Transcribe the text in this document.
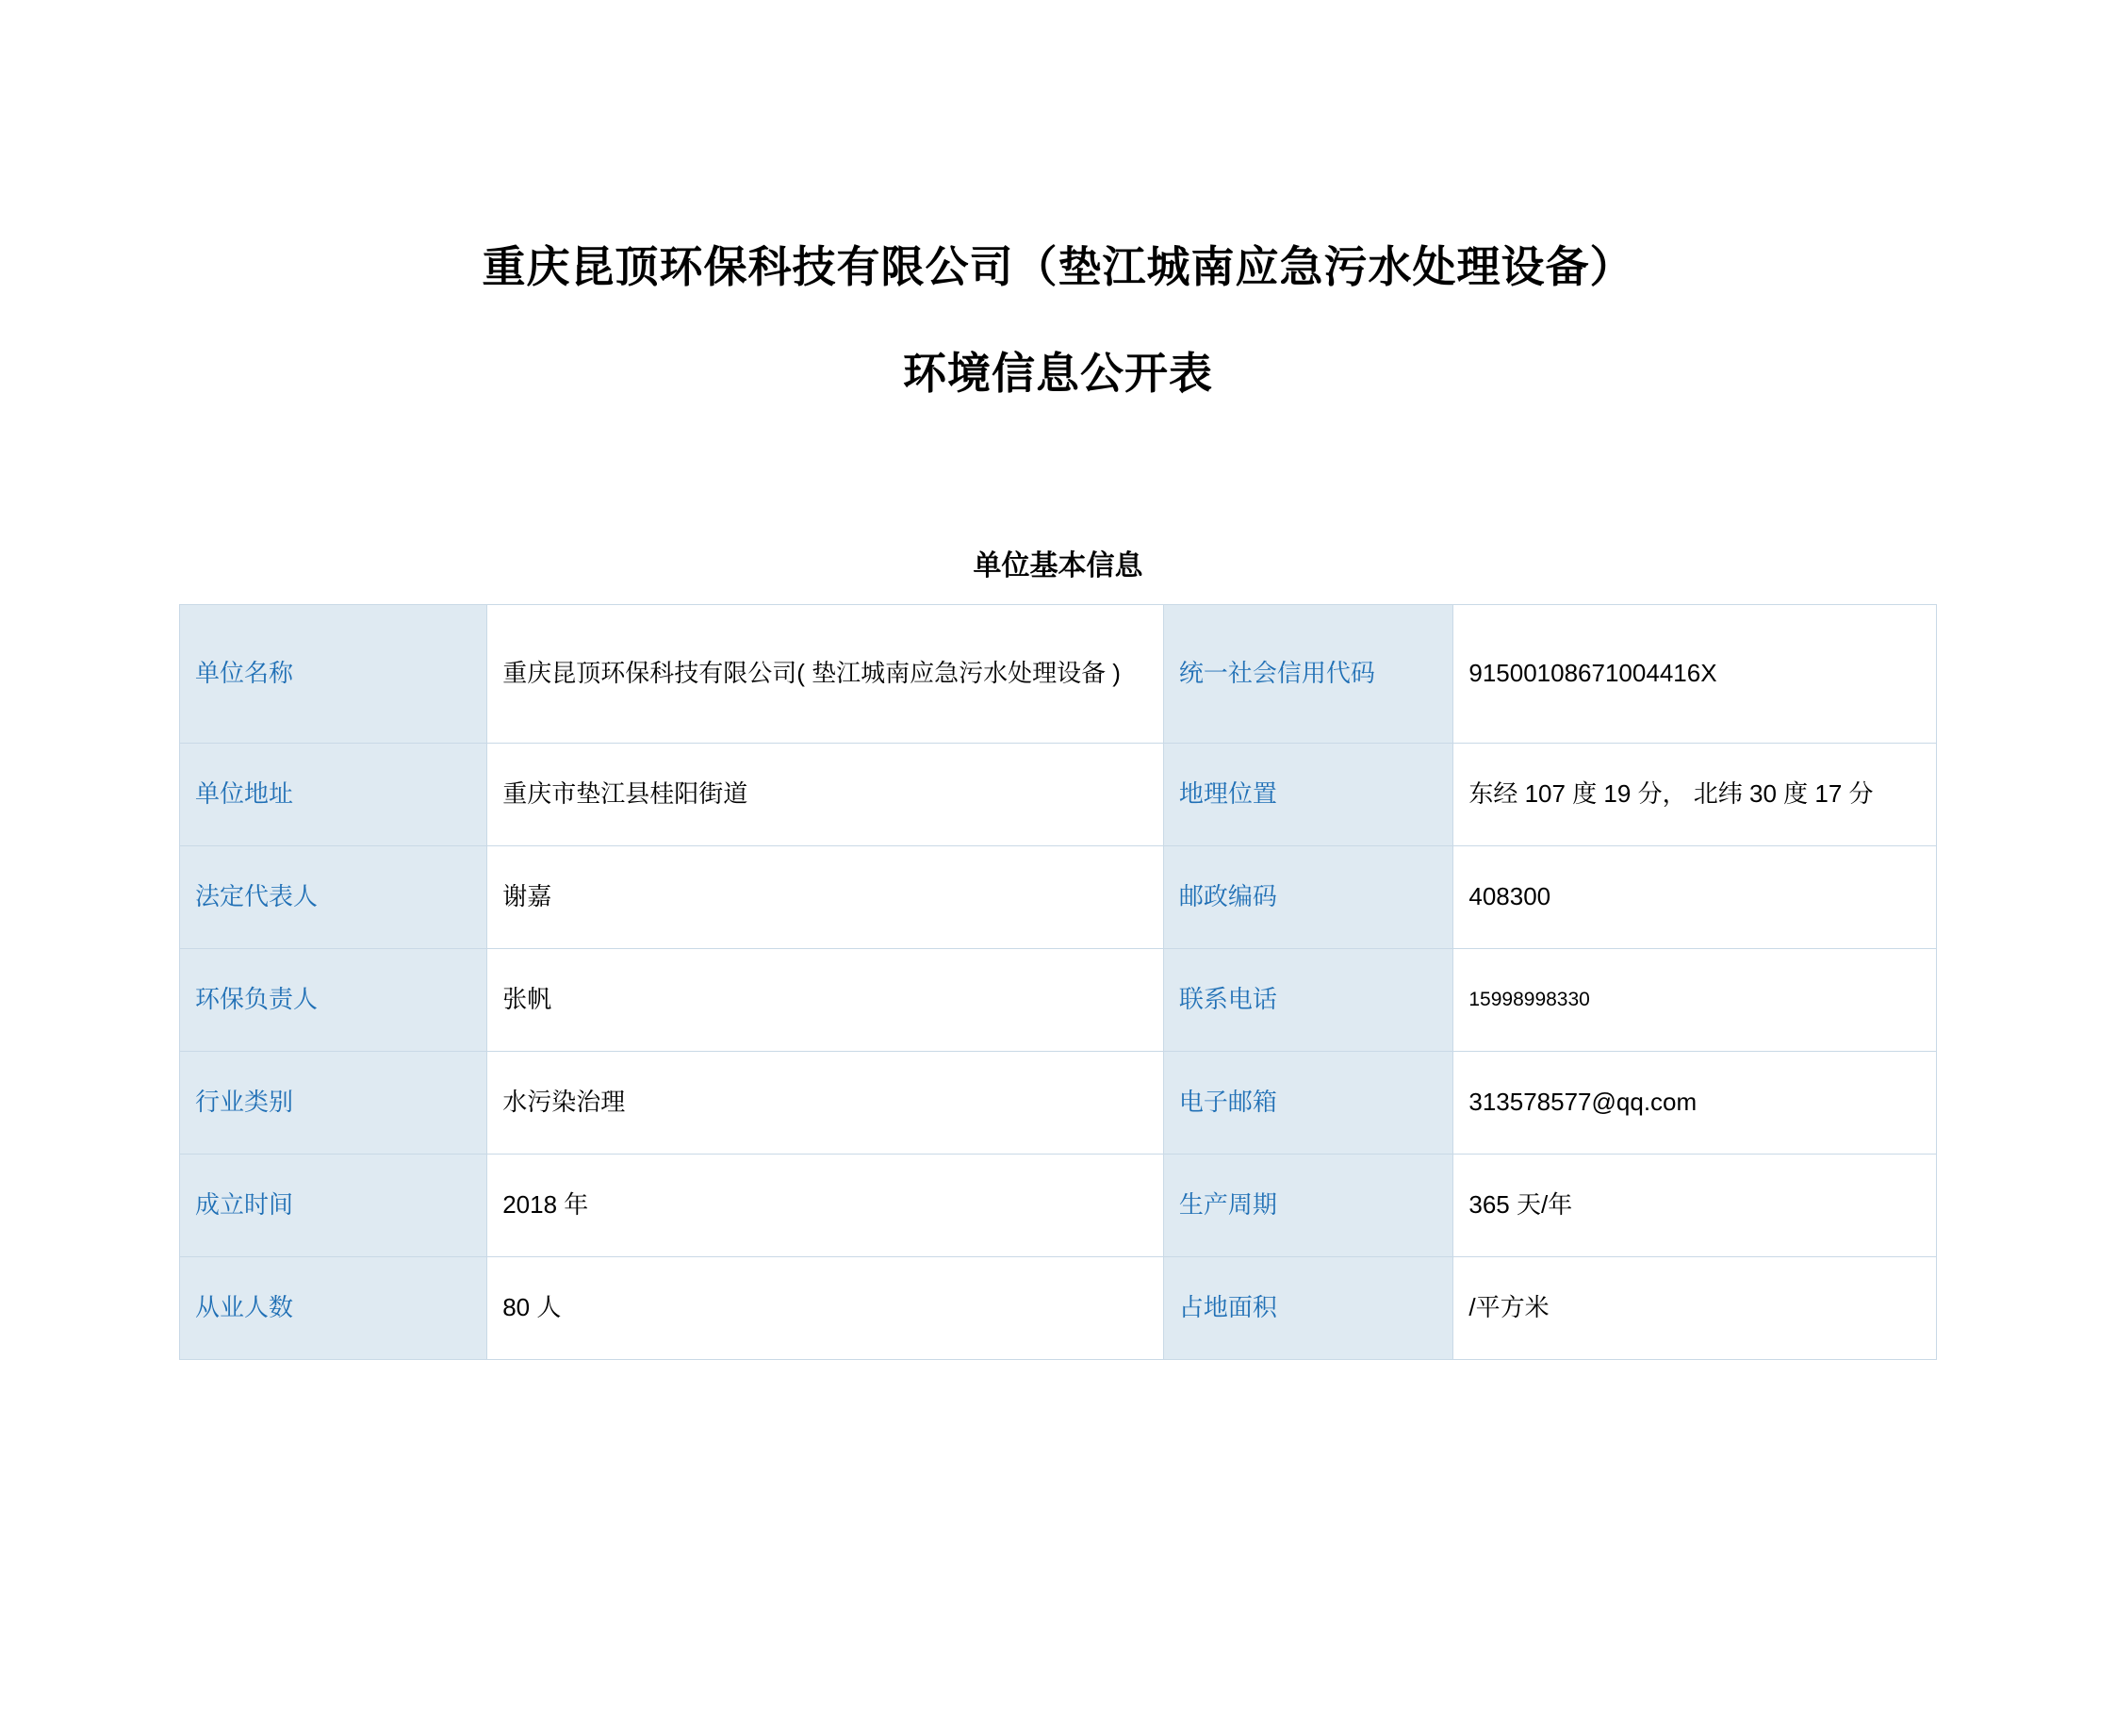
重庆昆顶环保科技有限公司（垫江城南应急污水处理设备）
环境信息公开表
单位基本信息
单位名称	重庆昆顶环保科技有限公司( 垫江城南应急污水处理设备 )	统一社会信用代码	91500108671004416X
单位地址	重庆市垫江县桂阳街道	地理位置	东经 107 度 19 分， 北纬 30 度 17 分
法定代表人	谢嘉	邮政编码	408300
环保负责人	张帆	联系电话	15998998330
行业类别	水污染治理	电子邮箱	313578577@qq.com
成立时间	2018 年	生产周期	365 天/年
从业人数	80 人	占地面积	/平方米
